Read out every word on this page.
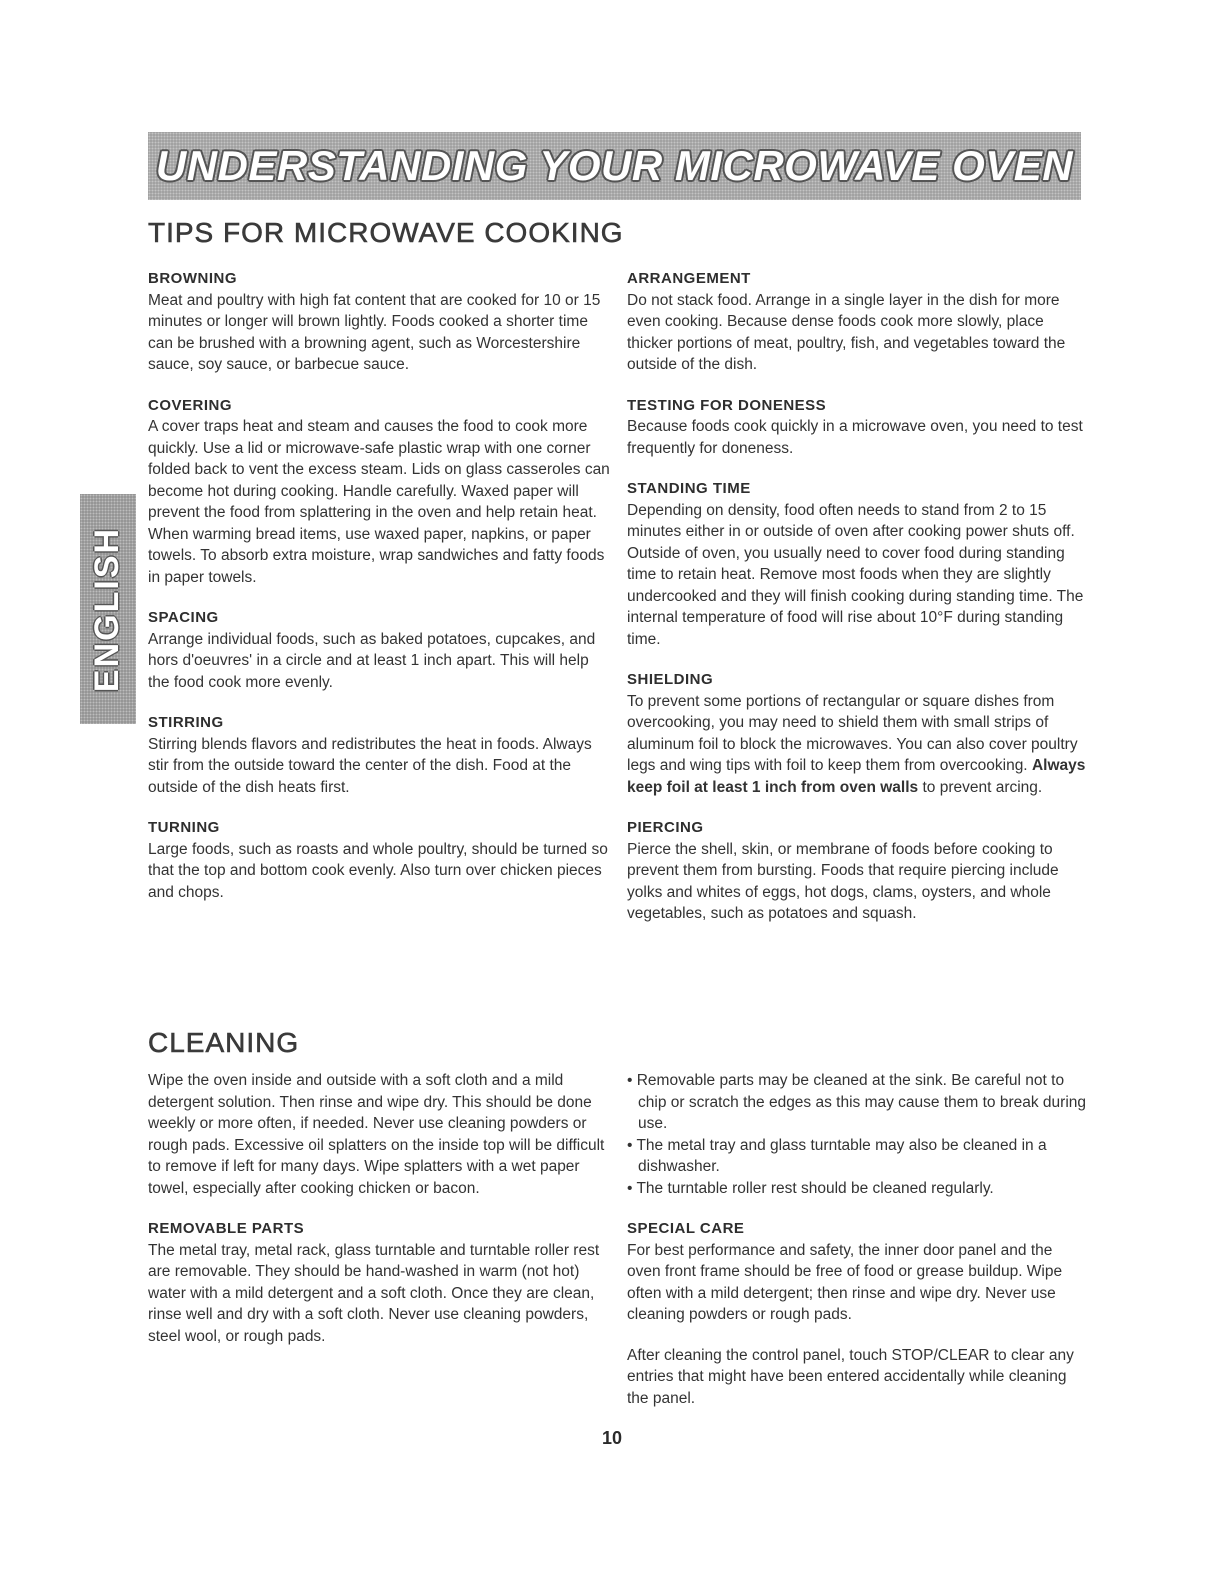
UNDERSTANDING YOUR MICROWAVE OVEN
ENGLISH
TIPS FOR MICROWAVE COOKING
BROWNING
Meat and poultry with high fat content that are cooked for 10 or 15 minutes or longer will brown lightly. Foods cooked a shorter time can be brushed with a browning agent, such as Worcestershire sauce, soy sauce, or barbecue sauce.
COVERING
A cover traps heat and steam and causes the food to cook more quickly. Use a lid or microwave-safe plastic wrap with one corner folded back to vent the excess steam. Lids on glass casseroles can become hot during cooking. Handle carefully. Waxed paper will prevent the food from splattering in the oven and help retain heat. When warming bread items, use waxed paper, napkins, or paper towels. To absorb extra moisture, wrap sandwiches and fatty foods in paper towels.
SPACING
Arrange individual foods, such as baked potatoes, cupcakes, and hors d'oeuvres' in a circle and at least 1 inch apart. This will help the food cook more evenly.
STIRRING
Stirring blends flavors and redistributes the heat in foods. Always stir from the outside toward the center of the dish. Food at the outside of the dish heats first.
TURNING
Large foods, such as roasts and whole poultry, should be turned so that the top and bottom cook evenly. Also turn over chicken pieces and chops.
ARRANGEMENT
Do not stack food. Arrange in a single layer in the dish for more even cooking. Because dense foods cook more slowly, place thicker portions of meat, poultry, fish, and vegetables toward the outside of the dish.
TESTING FOR DONENESS
Because foods cook quickly in a microwave oven, you need to test frequently for doneness.
STANDING TIME
Depending on density, food often needs to stand from 2 to 15 minutes either in or outside of oven after cooking power shuts off. Outside of oven, you usually need to cover food during standing time to retain heat. Remove most foods when they are slightly undercooked and they will finish cooking during standing time. The internal temperature of food will rise about 10°F during standing time.
SHIELDING
To prevent some portions of rectangular or square dishes from overcooking, you may need to shield them with small strips of aluminum foil to block the microwaves. You can also cover poultry legs and wing tips with foil to keep them from overcooking. Always keep foil at least 1 inch from oven walls to prevent arcing.
PIERCING
Pierce the shell, skin, or membrane of foods before cooking to prevent them from bursting. Foods that require piercing include yolks and whites of eggs, hot dogs, clams, oysters, and whole vegetables, such as potatoes and squash.
CLEANING
Wipe the oven inside and outside with a soft cloth and a mild detergent solution. Then rinse and wipe dry. This should be done weekly or more often, if needed. Never use cleaning powders or rough pads. Excessive oil splatters on the inside top will be difficult to remove if left for many days. Wipe splatters with a wet paper towel, especially after cooking chicken or bacon.
REMOVABLE PARTS
The metal tray, metal rack, glass turntable and turntable roller rest are removable. They should be hand-washed in warm (not hot) water with a mild detergent and a soft cloth. Once they are clean, rinse well and dry with a soft cloth. Never use cleaning powders, steel wool, or rough pads.
• Removable parts may be cleaned at the sink. Be careful not to chip or scratch the edges as this may cause them to break during use.
• The metal tray and glass turntable may also be cleaned in a dishwasher.
• The turntable roller rest should be cleaned regularly.
SPECIAL CARE
For best performance and safety, the inner door panel and the oven front frame should be free of food or grease buildup. Wipe often with a mild detergent; then rinse and wipe dry. Never use cleaning powders or rough pads.
After cleaning the control panel, touch STOP/CLEAR to clear any entries that might have been entered accidentally while cleaning the panel.
10
